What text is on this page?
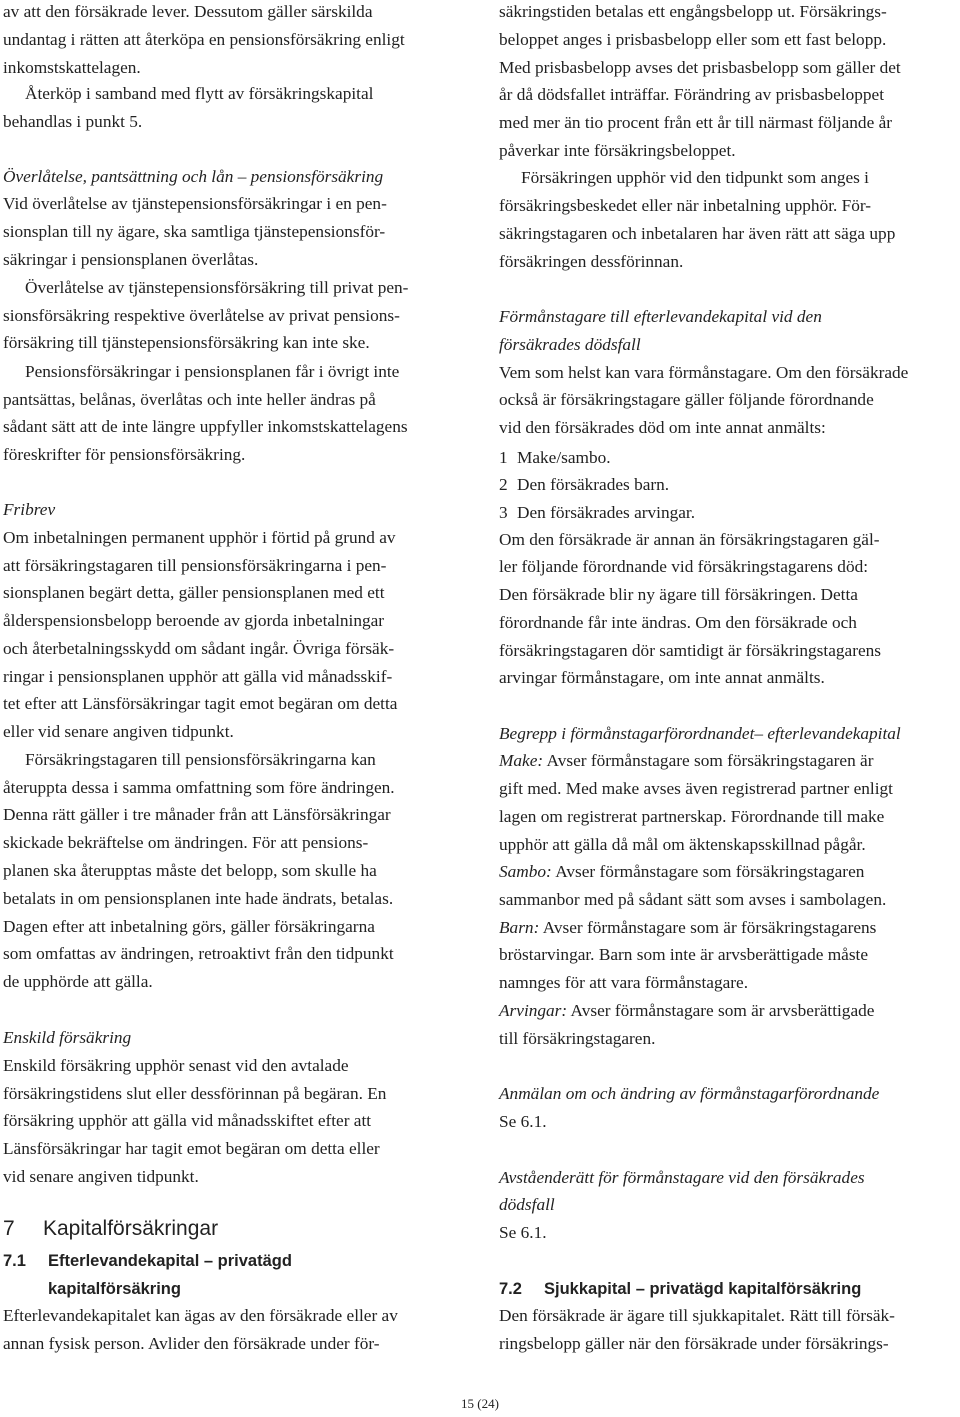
av att den försäkrade lever. Dessutom gäller särskilda
undantag i rätten att återköpa en pensionsförsäkring enligt
inkomstskattelagen.
Återköp i samband med flytt av försäkringskapital
behandlas i punkt 5.
Överlåtelse, pantsättning och lån – pensionsförsäkring
Vid överlåtelse av tjänstepensionsförsäkringar i en pen-
sionsplan till ny ägare, ska samtliga tjänstepensionsför-
säkringar i pensionsplanen överlåtas.
Överlåtelse av tjänstepensionsförsäkring till privat pen-
sionsförsäkring respektive överlåtelse av privat pensions-
försäkring till tjänstepensionsförsäkring kan inte ske.
Pensionsförsäkringar i pensionsplanen får i övrigt inte
pantsättas, belånas, överlåtas och inte heller ändras på
sådant sätt att de inte längre uppfyller inkomstskattelagens
föreskrifter för pensionsförsäkring.
Fribrev
Om inbetalningen permanent upphör i förtid på grund av
att försäkringstagaren till pensionsförsäkringarna i pen-
sionsplanen begärt detta, gäller pensionsplanen med ett
ålderspensionsbelopp beroende av gjorda inbetalningar
och återbetalningsskydd om sådant ingår. Övriga försäk-
ringar i pensionsplanen upphör att gälla vid månadsskif-
tet efter att Länsförsäkringar tagit emot begäran om detta
eller vid senare angiven tidpunkt.
Försäkringstagaren till pensionsförsäkringarna kan
återuppta dessa i samma omfattning som före ändringen.
Denna rätt gäller i tre månader från att Länsförsäkringar
skickade bekräftelse om ändringen. För att pensions-
planen ska återupptas måste det belopp, som skulle ha
betalats in om pensionsplanen inte hade ändrats, betalas.
Dagen efter att inbetalning görs, gäller försäkringarna
som omfattas av ändringen, retroaktivt från den tidpunkt
de upphörde att gälla.
Enskild försäkring
Enskild försäkring upphör senast vid den avtalade
försäkringstidens slut eller dessförinnan på begäran. En
försäkring upphör att gälla vid månadsskiftet efter att
Länsförsäkringar har tagit emot begäran om detta eller
vid senare angiven tidpunkt.
7 Kapitalförsäkringar
7.1 Efterlevandekapital – privatägd
kapitalförsäkring
Efterlevandekapitalet kan ägas av den försäkrade eller av
annan fysisk person. Avlider den försäkrade under för-
säkringstiden betalas ett engångsbelopp ut. Försäkrings-
beloppet anges i prisbasbelopp eller som ett fast belopp.
Med prisbasbelopp avses det prisbasbelopp som gäller det
år då dödsfallet inträffar. Förändring av prisbasbeloppet
med mer än tio procent från ett år till närmast följande år
påverkar inte försäkringsbeloppet.
Försäkringen upphör vid den tidpunkt som anges i
försäkringsbeskedet eller när inbetalning upphör. För-
säkringstagaren och inbetalaren har även rätt att säga upp
försäkringen dessförinnan.
Förmånstagare till efterlevandekapital vid den
försäkrades dödsfall
Vem som helst kan vara förmånstagare. Om den försäkrade
också är försäkringstagare gäller följande förordnande
vid den försäkrades död om inte annat anmälts:
1 Make/sambo.
2 Den försäkrades barn.
3 Den försäkrades arvingar.
Om den försäkrade är annan än försäkringstagaren gäl-
ler följande förordnande vid försäkringstagarens död:
Den försäkrade blir ny ägare till försäkringen. Detta
förordnande får inte ändras. Om den försäkrade och
försäkringstagaren dör samtidigt är försäkringstagarens
arvingar förmånstagare, om inte annat anmälts.
Begrepp i förmånstagarförordnandet– efterlevandekapital
Make: Avser förmånstagare som försäkringstagaren är
gift med. Med make avses även registrerad partner enligt
lagen om registrerat partnerskap. Förordnande till make
upphör att gälla då mål om äktenskapsskillnad pågår.
Sambo: Avser förmånstagare som försäkringstagaren
sammanbor med på sådant sätt som avses i sambolagen.
Barn: Avser förmånstagare som är försäkringstagarens
bröstarvingar. Barn som inte är arvsberättigade måste
namnges för att vara förmånstagare.
Arvingar: Avser förmånstagare som är arvsberättigade
till försäkringstagaren.
Anmälan om och ändring av förmånstagarförordnande
Se 6.1.
Avståenderätt för förmånstagare vid den försäkrades
dödsfall
Se 6.1.
7.2 Sjukkapital – privatägd kapitalförsäkring
Den försäkrade är ägare till sjukkapitalet. Rätt till försäk-
ringsbelopp gäller när den försäkrade under försäkrings-
15 (24)
